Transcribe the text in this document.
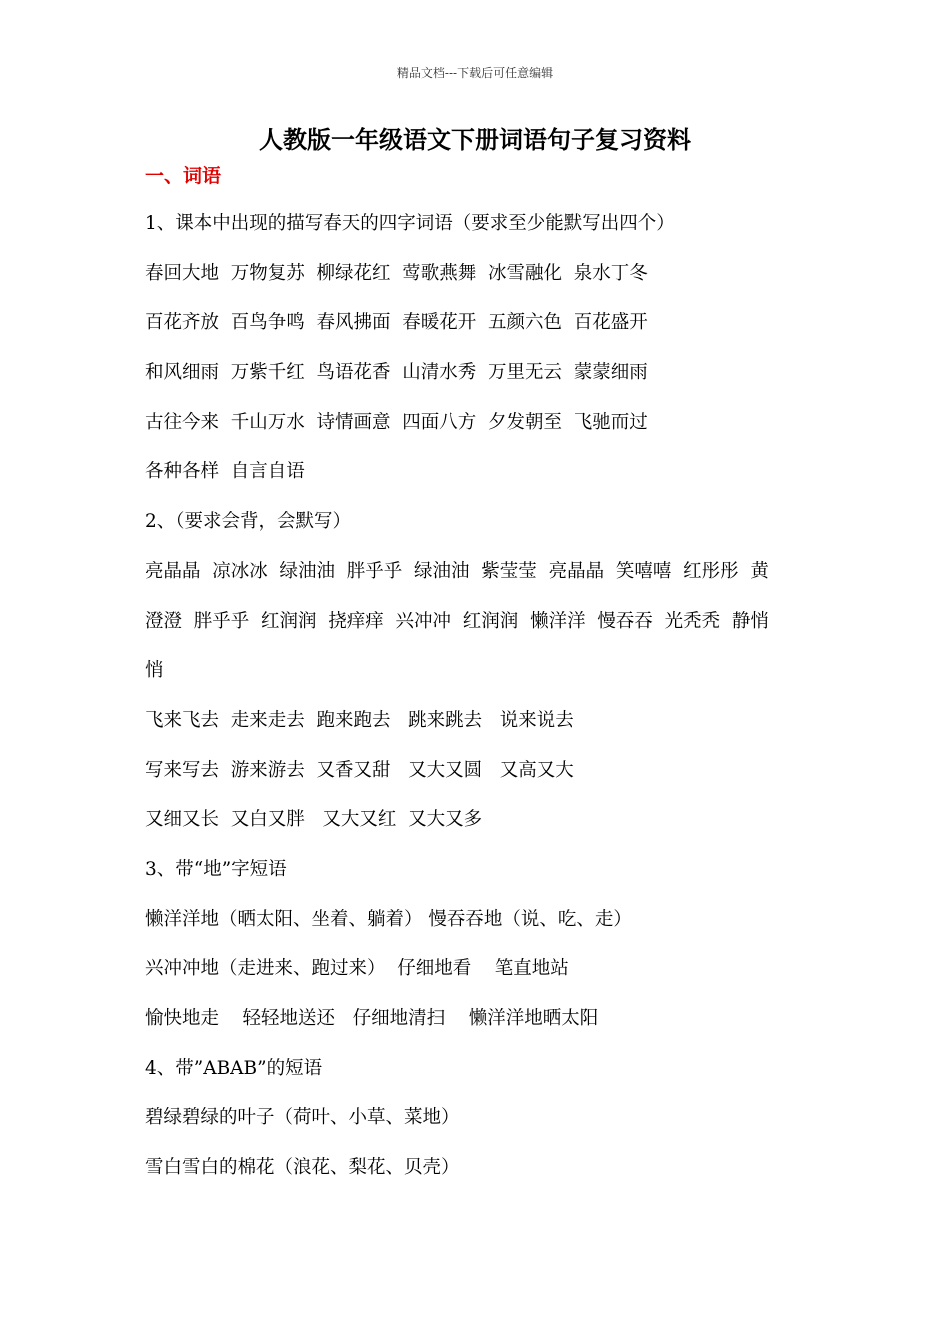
精品文档---下载后可任意编辑
人教版一年级语文下册词语句子复习资料
一、词语
1、课本中出现的描写春天的四字词语（要求至少能默写出四个）
春回大地  万物复苏  柳绿花红  莺歌燕舞  冰雪融化  泉水丁冬
百花齐放  百鸟争鸣  春风拂面  春暖花开  五颜六色  百花盛开
和风细雨  万紫千红  鸟语花香  山清水秀  万里无云  蒙蒙细雨
古往今来  千山万水  诗情画意  四面八方  夕发朝至  飞驰而过
各种各样  自言自语
2、（要求会背，会默写）
亮晶晶  凉冰冰  绿油油  胖乎乎  绿油油  紫莹莹  亮晶晶  笑嘻嘻  红彤彤  黄
澄澄  胖乎乎  红润润  挠痒痒  兴冲冲  红润润  懒洋洋  慢吞吞  光秃秃  静悄
悄
飞来飞去  走来走去  跑来跑去   跳来跳去   说来说去
写来写去  游来游去  又香又甜   又大又圆   又高又大
又细又长  又白又胖   又大又红  又大又多
3、带“地”字短语
懒洋洋地（晒太阳、坐着、躺着） 慢吞吞地（说、吃、走）
兴冲冲地（走进来、跑过来）  仔细地看    笔直地站
愉快地走    轻轻地送还   仔细地清扫    懒洋洋地晒太阳
4、带”ABAB”的短语
碧绿碧绿的叶子（荷叶、小草、菜地）
雪白雪白的棉花（浪花、梨花、贝壳）
